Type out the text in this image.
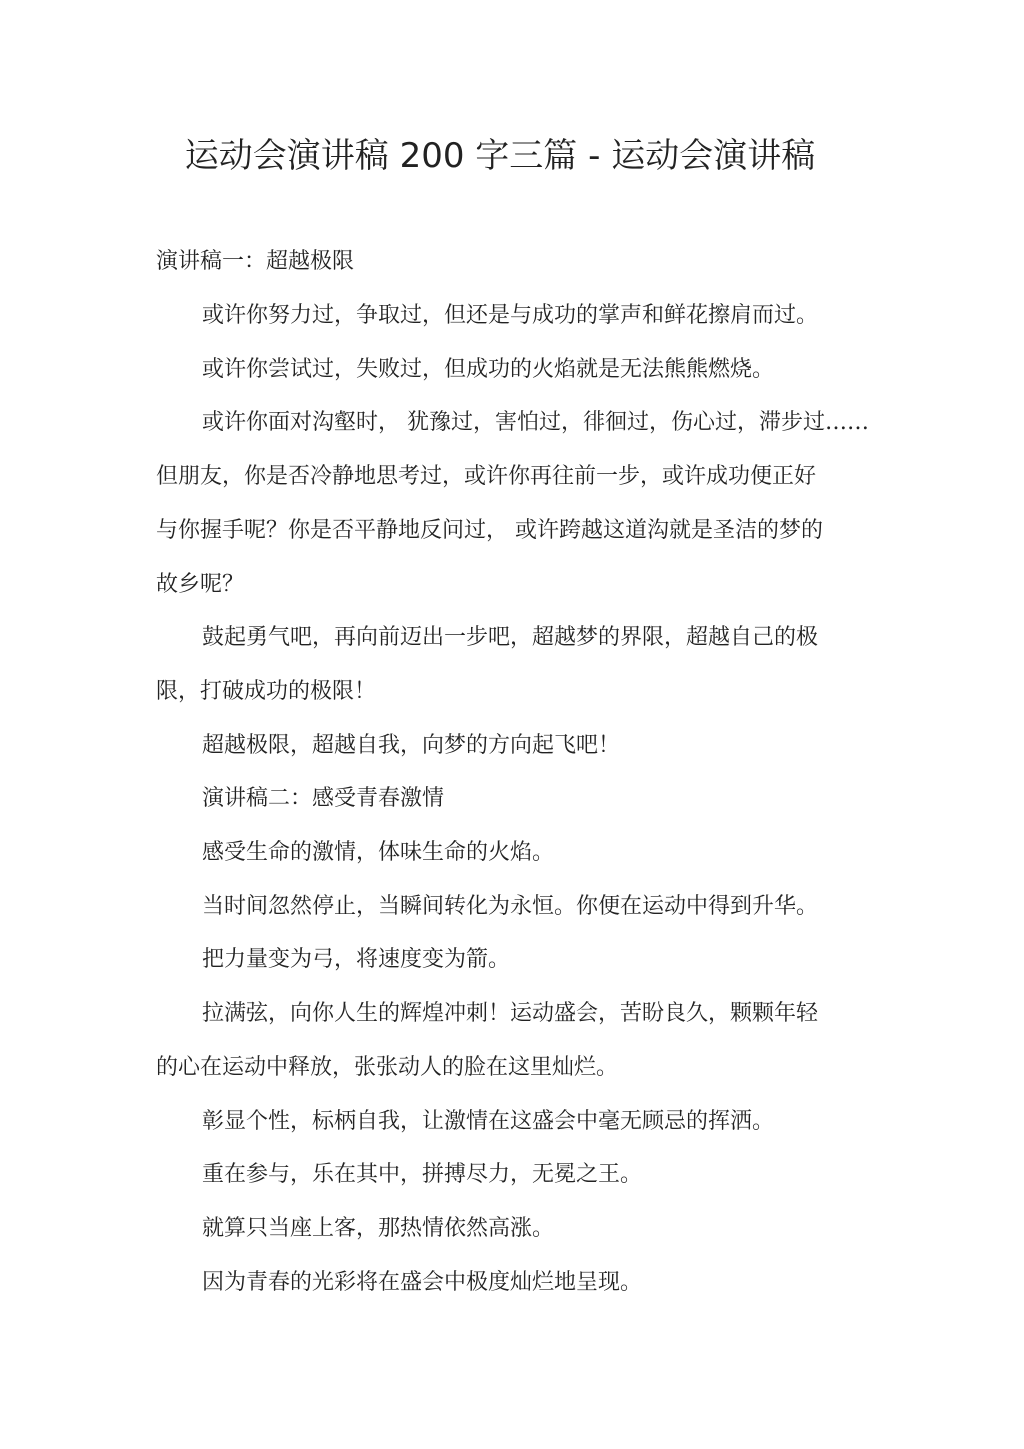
运动会演讲稿 200 字三篇 - 运动会演讲稿

演讲稿一：超越极限

或许你努力过，争取过，但还是与成功的掌声和鲜花擦肩而过。

或许你尝试过，失败过，但成功的火焰就是无法熊熊燃烧。

或许你面对沟壑时， 犹豫过，害怕过，徘徊过，伤心过，滞步过……

但朋友，你是否冷静地思考过，或许你再往前一步，或许成功便正好

与你握手呢？你是否平静地反问过， 或许跨越这道沟就是圣洁的梦的

故乡呢？

鼓起勇气吧，再向前迈出一步吧，超越梦的界限，超越自己的极

限，打破成功的极限！

超越极限，超越自我，向梦的方向起飞吧！

演讲稿二：感受青春激情

感受生命的激情，体味生命的火焰。

当时间忽然停止，当瞬间转化为永恒。你便在运动中得到升华。

把力量变为弓，将速度变为箭。

拉满弦，向你人生的辉煌冲刺！运动盛会，苦盼良久，颗颗年轻

的心在运动中释放，张张动人的脸在这里灿烂。

彰显个性，标柄自我，让激情在这盛会中毫无顾忌的挥洒。

重在参与，乐在其中，拼搏尽力，无冕之王。

就算只当座上客，那热情依然高涨。

因为青春的光彩将在盛会中极度灿烂地呈现。
